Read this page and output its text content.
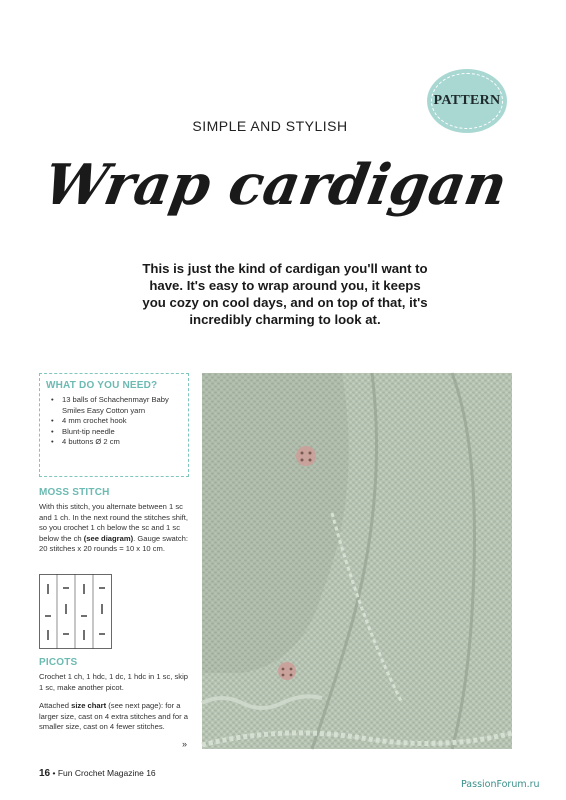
PATTERN
SIMPLE AND STYLISH
Wrap cardigan

This is just the kind of cardigan you'll want to have. It's easy to wrap around you, it keeps you cozy on cool days, and on top of that, it's incredibly charming to look at.

WHAT DO YOU NEED?
• 13 balls of Schachenmayr Baby Smiles Easy Cotton yarn
• 4 mm crochet hook
• Blunt-tip needle
• 4 buttons Ø 2 cm
MOSS STITCH

With this stitch, you alternate between 1 sc and 1 ch. In the next round the stitches shift, so you crochet 1 ch below the sc and 1 sc below the ch (see diagram). Gauge swatch: 20 stitches x 20 rounds = 10 x 10 cm.

PICOTS

Crochet 1 ch, 1 hdc, 1 dc, 1 hdc in 1 sc, skip 1 sc, make another picot.

Attached size chart (see next page): for a larger size, cast on 4 extra stitches and for a smaller size, cast on 4 fewer stitches.

»
16 • Fun Crochet Magazine 16
PassionForum.ru
